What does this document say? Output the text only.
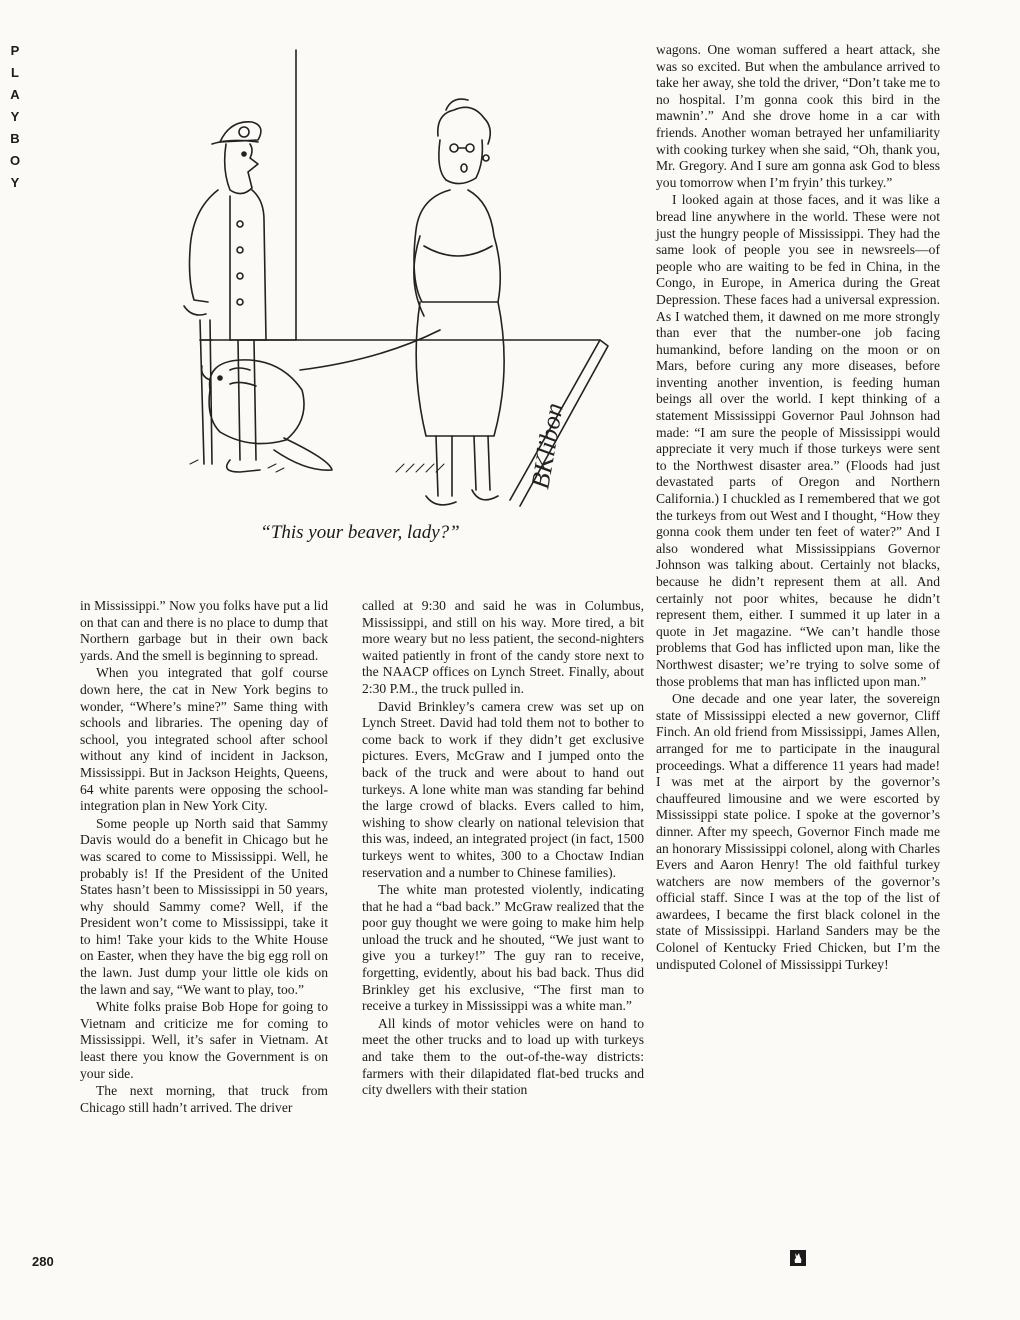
P
L
A
Y
B
O
Y
BKlibon
“This your beaver, lady?”

in Mississippi.” Now you folks have put a lid on that can and there is no place to dump that Northern garbage but in their own back yards. And the smell is beginning to spread.

When you integrated that golf course down here, the cat in New York begins to wonder, “Where’s mine?” Same thing with schools and libraries. The opening day of school, you integrated school after school without any kind of incident in Jackson, Mississippi. But in Jackson Heights, Queens, 64 white parents were opposing the school-integration plan in New York City.

Some people up North said that Sammy Davis would do a benefit in Chicago but he was scared to come to Mississippi. Well, he probably is! If the President of the United States hasn’t been to Mississippi in 50 years, why should Sammy come? Well, if the President won’t come to Mississippi, take it to him! Take your kids to the White House on Easter, when they have the big egg roll on the lawn. Just dump your little ole kids on the lawn and say, “We want to play, too.”

White folks praise Bob Hope for going to Vietnam and criticize me for coming to Mississippi. Well, it’s safer in Vietnam. At least there you know the Government is on your side.

The next morning, that truck from Chicago still hadn’t arrived. The driver

called at 9:30 and said he was in Columbus, Mississippi, and still on his way. More tired, a bit more weary but no less patient, the second-nighters waited patiently in front of the candy store next to the NAACP offices on Lynch Street. Finally, about 2:30 P.M., the truck pulled in.

David Brinkley’s camera crew was set up on Lynch Street. David had told them not to bother to come back to work if they didn’t get exclusive pictures. Evers, McGraw and I jumped onto the back of the truck and were about to hand out turkeys. A lone white man was standing far behind the large crowd of blacks. Evers called to him, wishing to show clearly on national television that this was, indeed, an integrated project (in fact, 1500 turkeys went to whites, 300 to a Choctaw Indian reservation and a number to Chinese families).

The white man protested violently, indicating that he had a “bad back.” McGraw realized that the poor guy thought we were going to make him help unload the truck and he shouted, “We just want to give you a turkey!” The guy ran to receive, forgetting, evidently, about his bad back. Thus did Brinkley get his exclusive, “The first man to receive a turkey in Mississippi was a white man.”

All kinds of motor vehicles were on hand to meet the other trucks and to load up with turkeys and take them to the out-of-the-way districts: farmers with their dilapidated flat-bed trucks and city dwellers with their station

wagons. One woman suffered a heart attack, she was so excited. But when the ambulance arrived to take her away, she told the driver, “Don’t take me to no hospital. I’m gonna cook this bird in the mawnin’.” And she drove home in a car with friends. Another woman betrayed her unfamiliarity with cooking turkey when she said, “Oh, thank you, Mr. Gregory. And I sure am gonna ask God to bless you tomorrow when I’m fryin’ this turkey.”

I looked again at those faces, and it was like a bread line anywhere in the world. These were not just the hungry people of Mississippi. They had the same look of people you see in newsreels—of people who are waiting to be fed in China, in the Congo, in Europe, in America during the Great Depression. These faces had a universal expression. As I watched them, it dawned on me more strongly than ever that the number-one job facing humankind, before landing on the moon or on Mars, before curing any more diseases, before inventing another invention, is feeding human beings all over the world. I kept thinking of a statement Mississippi Governor Paul Johnson had made: “I am sure the people of Mississippi would appreciate it very much if those turkeys were sent to the Northwest disaster area.” (Floods had just devastated parts of Oregon and Northern California.) I chuckled as I remembered that we got the turkeys from out West and I thought, “How they gonna cook them under ten feet of water?” And I also wondered what Mississippians Governor Johnson was talking about. Certainly not blacks, because he didn’t represent them at all. And certainly not poor whites, because he didn’t represent them, either. I summed it up later in a quote in Jet magazine. “We can’t handle those problems that God has inflicted upon man, like the Northwest disaster; we’re trying to solve some of those problems that man has inflicted upon man.”

One decade and one year later, the sovereign state of Mississippi elected a new governor, Cliff Finch. An old friend from Mississippi, James Allen, arranged for me to participate in the inaugural proceedings. What a difference 11 years had made! I was met at the airport by the governor’s chauffeured limousine and we were escorted by Mississippi state police. I spoke at the governor’s dinner. After my speech, Governor Finch made me an honorary Mississippi colonel, along with Charles Evers and Aaron Henry! The old faithful turkey watchers are now members of the governor’s official staff. Since I was at the top of the list of awardees, I became the first black colonel in the state of Mississippi. Harland Sanders may be the Colonel of Kentucky Fried Chicken, but I’m the undisputed Colonel of Mississippi Turkey!

280
